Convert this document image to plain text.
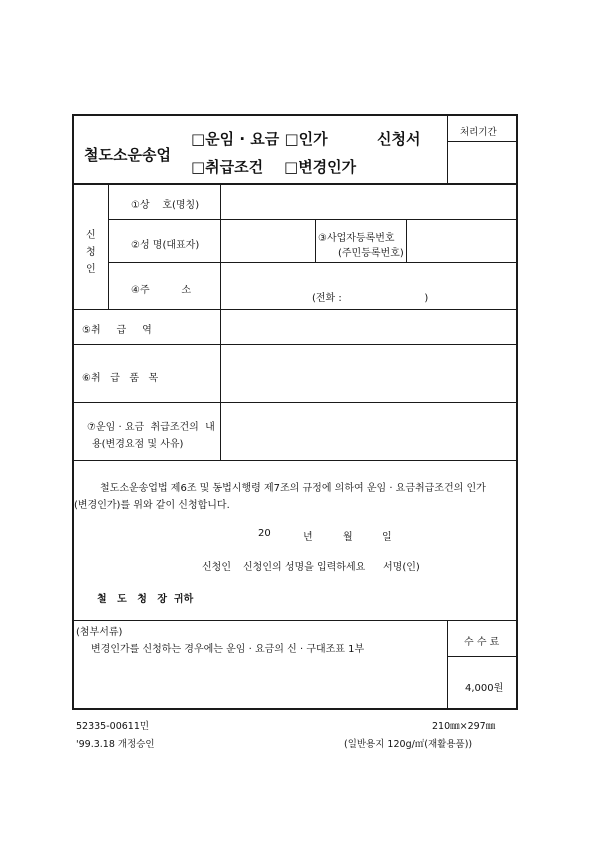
철도소운송업
□운임 · 요금 □인가	신청서
□취급조건    □변경인가
처리기간
신
청
인
①상    호(명칭)
②성 명(대표자)
③사업자등록번호
(주민등록번호)
④주          소
(전화 :                          )
⑤취     급     역
⑥취   급   품   목
⑦운임 · 요금  취급조건의  내
용(변경요점 및 사유)
철도소운송업법 제6조 및 동법시행령 제7조의 규정에 의하여 운임 · 요금취급조건의 인가
(변경인가)를 위와 같이 신청합니다.
20	년	월	일
신청인 신청인의 성명을 입력하세요 서명(인)
철   도   청   장  귀하
(첨부서류)
변경인가를 신청하는 경우에는 운임 · 요금의 신 · 구대조표 1부
수 수 료
4,000원
52335-00611민
'99.3.18 개정승인
210㎜×297㎜
(일반용지 120g/㎡(재활용품))
